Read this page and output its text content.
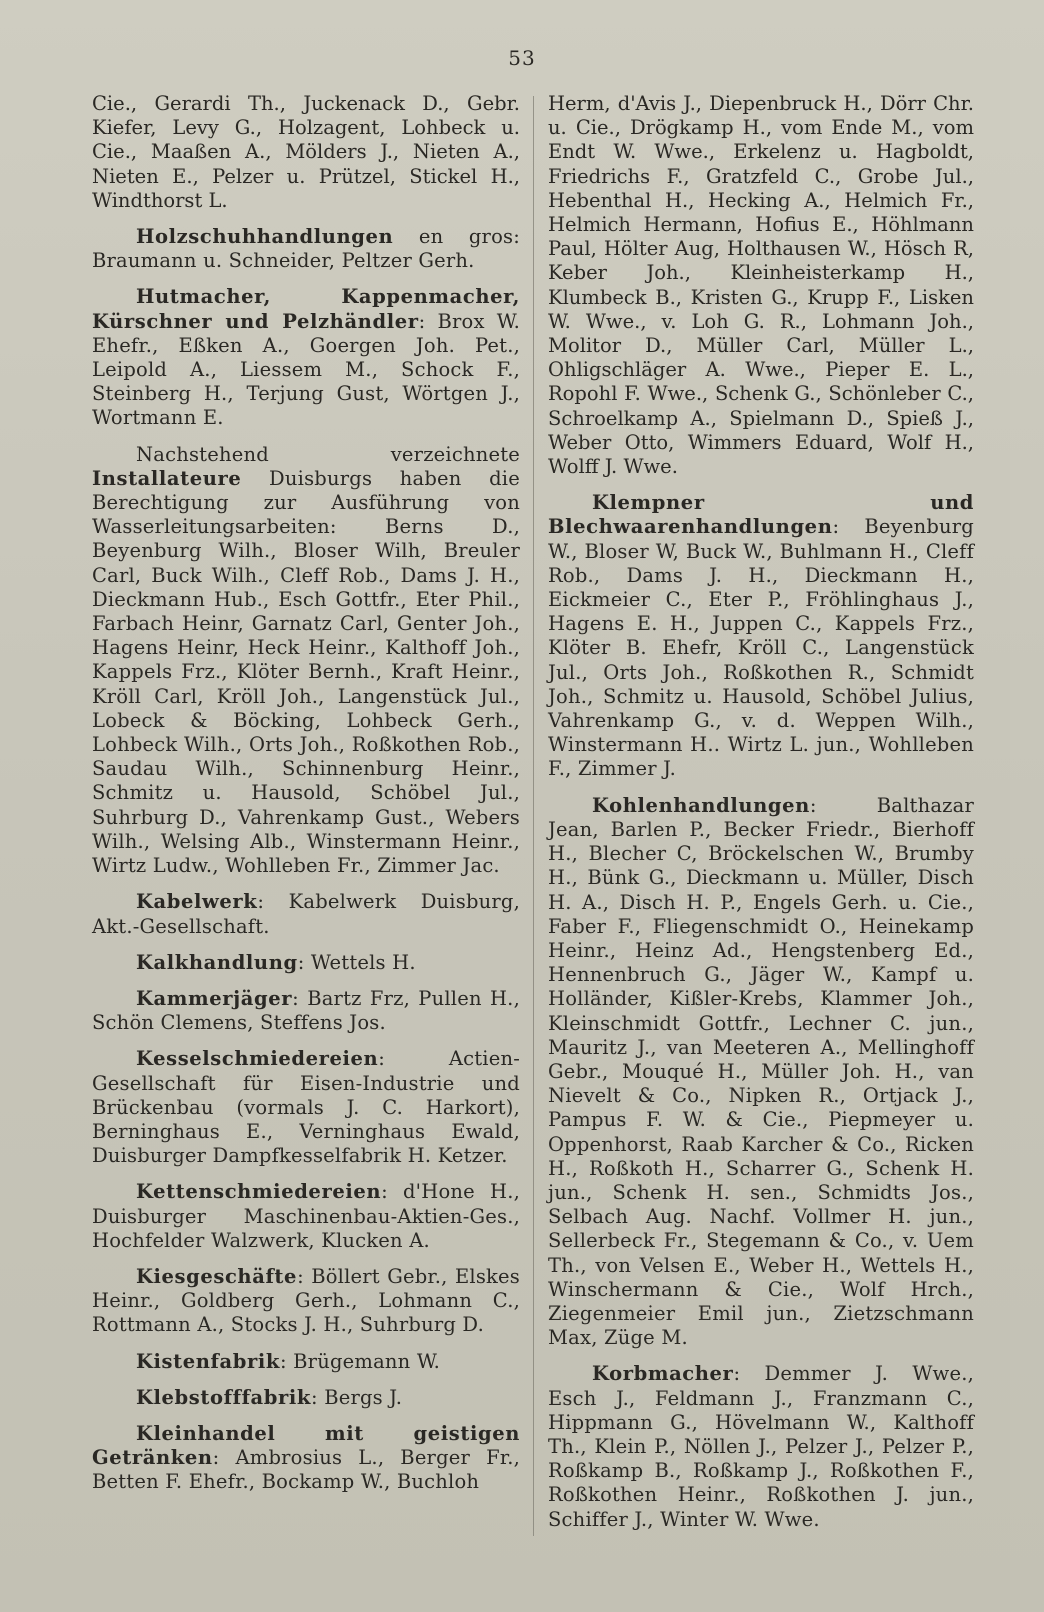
53

Cie., Gerardi Th., Juckenack D., Gebr. Kiefer, Levy G., Holzagent, Lohbeck u. Cie., Maaßen A., Mölders J., Nieten A., Nieten E., Pelzer u. Prützel, Stickel H., Windthorst L.

Holzschuhhandlungen en gros: Braumann u. Schneider, Peltzer Gerh.

Hutmacher, Kappenmacher, Kürschner und Pelzhändler: Brox W. Ehefr., Eßken A., Goergen Joh. Pet., Leipold A., Liessem M., Schock F., Steinberg H., Terjung Gust, Wörtgen J., Wortmann E.

Nachstehend verzeichnete Installateure Duisburgs haben die Berechtigung zur Ausführung von Wasserleitungsarbeiten: Berns D., Beyenburg Wilh., Bloser Wilh, Breuler Carl, Buck Wilh., Cleff Rob., Dams J. H., Dieckmann Hub., Esch Gottfr., Eter Phil., Farbach Heinr, Garnatz Carl, Genter Joh., Hagens Heinr, Heck Heinr., Kalthoff Joh., Kappels Frz., Klöter Bernh., Kraft Heinr., Kröll Carl, Kröll Joh., Langenstück Jul., Lobeck & Böcking, Lohbeck Gerh., Lohbeck Wilh., Orts Joh., Roßkothen Rob., Saudau Wilh., Schinnenburg Heinr., Schmitz u. Hausold, Schöbel Jul., Suhrburg D., Vahrenkamp Gust., Webers Wilh., Welsing Alb., Winstermann Heinr., Wirtz Ludw., Wohlleben Fr., Zimmer Jac.

Kabelwerk: Kabelwerk Duisburg, Akt.-Gesellschaft.

Kalkhandlung: Wettels H.

Kammerjäger: Bartz Frz, Pullen H., Schön Clemens, Steffens Jos.

Kesselschmiedereien: Actien-Gesellschaft für Eisen-Industrie und Brückenbau (vormals J. C. Harkort), Berninghaus E., Verninghaus Ewald, Duisburger Dampfkesselfabrik H. Ketzer.

Kettenschmiedereien: d'Hone H., Duisburger Maschinenbau-Aktien-Ges., Hochfelder Walzwerk, Klucken A.

Kiesgeschäfte: Böllert Gebr., Elskes Heinr., Goldberg Gerh., Lohmann C., Rottmann A., Stocks J. H., Suhrburg D.

Kistenfabrik: Brügemann W.

Klebstofffabrik: Bergs J.

Kleinhandel mit geistigen Getränken: Ambrosius L., Berger Fr., Betten F. Ehefr., Bockamp W., Buchloh

Herm, d'Avis J., Diepenbruck H., Dörr Chr. u. Cie., Drögkamp H., vom Ende M., vom Endt W. Wwe., Erkelenz u. Hagboldt, Friedrichs F., Gratzfeld C., Grobe Jul., Hebenthal H., Hecking A., Helmich Fr., Helmich Hermann, Hofius E., Höhlmann Paul, Hölter Aug, Holthausen W., Hösch R, Keber Joh., Kleinheisterkamp H., Klumbeck B., Kristen G., Krupp F., Lisken W. Wwe., v. Loh G. R., Lohmann Joh., Molitor D., Müller Carl, Müller L., Ohligschläger A. Wwe., Pieper E. L., Ropohl F. Wwe., Schenk G., Schönleber C., Schroelkamp A., Spielmann D., Spieß J., Weber Otto, Wimmers Eduard, Wolf H., Wolff J. Wwe.

Klempner und Blechwaarenhandlungen: Beyenburg W., Bloser W, Buck W., Buhlmann H., Cleff Rob., Dams J. H., Dieckmann H., Eickmeier C., Eter P., Fröhlinghaus J., Hagens E. H., Juppen C., Kappels Frz., Klöter B. Ehefr, Kröll C., Langenstück Jul., Orts Joh., Roßkothen R., Schmidt Joh., Schmitz u. Hausold, Schöbel Julius, Vahrenkamp G., v. d. Weppen Wilh., Winstermann H.. Wirtz L. jun., Wohlleben F., Zimmer J.

Kohlenhandlungen: Balthazar Jean, Barlen P., Becker Friedr., Bierhoff H., Blecher C, Bröckelschen W., Brumby H., Bünk G., Dieckmann u. Müller, Disch H. A., Disch H. P., Engels Gerh. u. Cie., Faber F., Fliegenschmidt O., Heinekamp Heinr., Heinz Ad., Hengstenberg Ed., Hennenbruch G., Jäger W., Kampf u. Holländer, Kißler-Krebs, Klammer Joh., Kleinschmidt Gottfr., Lechner C. jun., Mauritz J., van Meeteren A., Mellinghoff Gebr., Mouqué H., Müller Joh. H., van Nievelt & Co., Nipken R., Ortjack J., Pampus F. W. & Cie., Piepmeyer u. Oppenhorst, Raab Karcher & Co., Ricken H., Roßkoth H., Scharrer G., Schenk H. jun., Schenk H. sen., Schmidts Jos., Selbach Aug. Nachf. Vollmer H. jun., Sellerbeck Fr., Stegemann & Co., v. Uem Th., von Velsen E., Weber H., Wettels H., Winschermann & Cie., Wolf Hrch., Ziegenmeier Emil jun., Zietzschmann Max, Züge M.

Korbmacher: Demmer J. Wwe., Esch J., Feldmann J., Franzmann C., Hippmann G., Hövelmann W., Kalthoff Th., Klein P., Nöllen J., Pelzer J., Pelzer P., Roßkamp B., Roßkamp J., Roßkothen F., Roßkothen Heinr., Roßkothen J. jun., Schiffer J., Winter W. Wwe.
